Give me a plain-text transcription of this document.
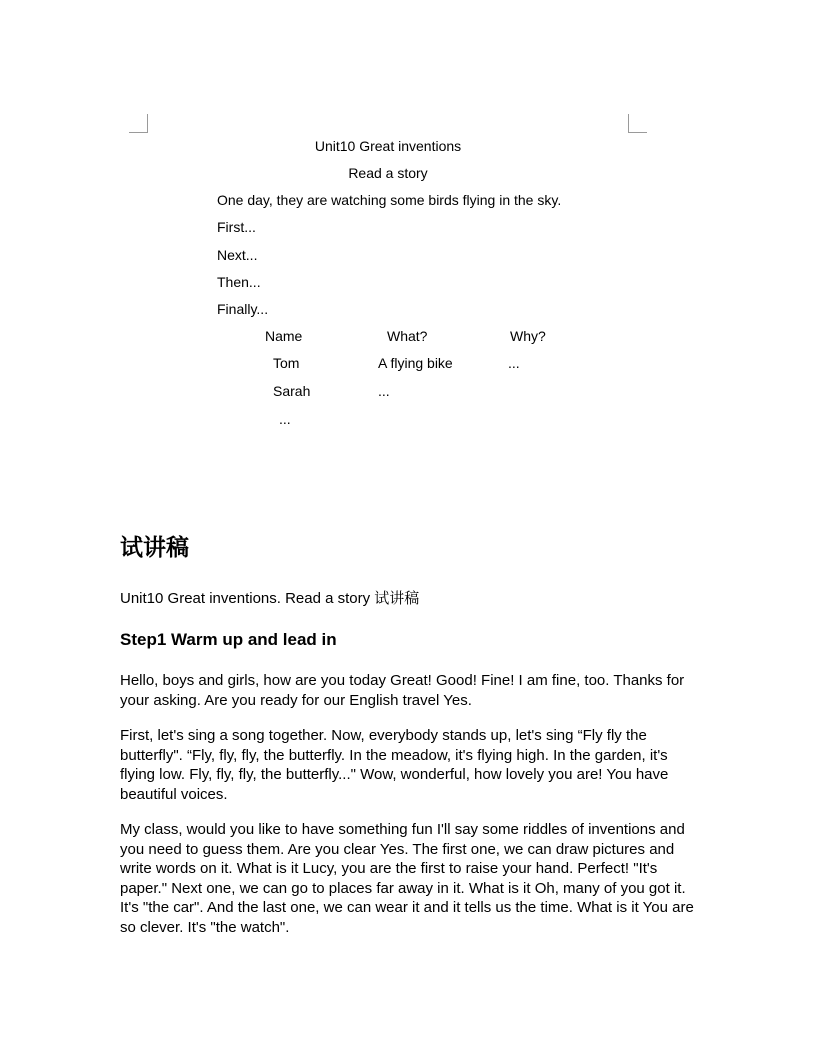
Unit10 Great inventions
Read a story
One day, they are watching some birds flying in the sky.
First...
Next...
Then...
Finally...
Name	What?	Why?
Tom	A flying bike	...
Sarah	...
...
试讲稿
Unit10 Great inventions. Read a story 试讲稿
Step1 Warm up and lead in

Hello, boys and girls, how are you today Great! Good! Fine! I am fine, too. Thanks for your asking. Are you ready for our English travel Yes.

First, let's sing a song together. Now, everybody stands up, let's sing “Fly fly the butterfly". “Fly, fly, fly, the butterfly. In the meadow, it's flying high. In the garden, it's flying low. Fly, fly, fly, the butterfly..." Wow, wonderful, how lovely you are! You have beautiful voices.

My class, would you like to have something fun I'll say some riddles of inventions and you need to guess them. Are you clear Yes. The first one, we can draw pictures and write words on it. What is it Lucy, you are the first to raise your hand. Perfect! "It's paper." Next one, we can go to places far away in it. What is it Oh, many of you got it. It's "the car". And the last one, we can wear it and it tells us the time. What is it You are so clever. It's "the watch".
